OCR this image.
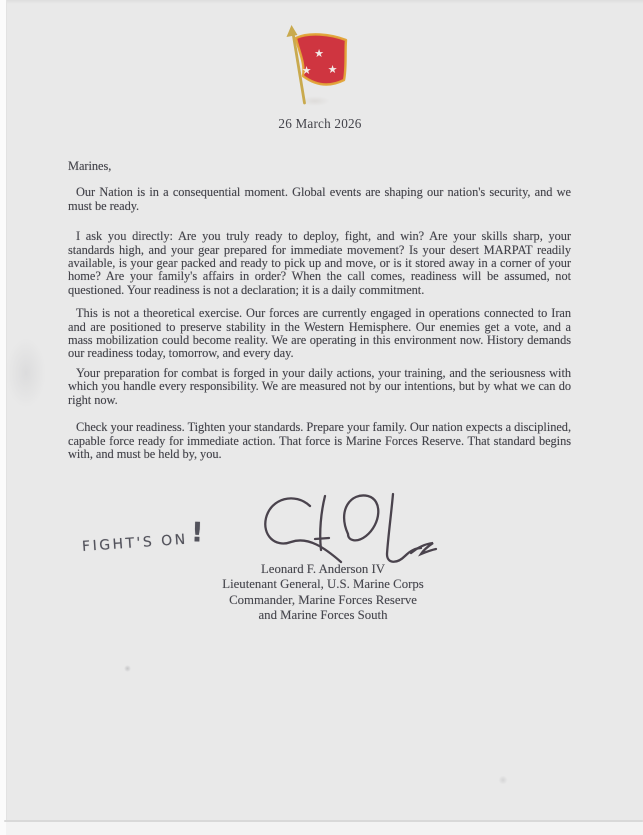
★
★ ★
26 March 2026

Marines,

Our Nation is in a consequential moment. Global events are shaping our nation's security, and we must be ready.

I ask you directly: Are you truly ready to deploy, fight, and win? Are your skills sharp, your standards high, and your gear prepared for immediate movement? Is your desert MARPAT readily available, is your gear packed and ready to pick up and move, or is it stored away in a corner of your home? Are your family's affairs in order? When the call comes, readiness will be assumed, not questioned. Your readiness is not a declaration; it is a daily commitment.

This is not a theoretical exercise. Our forces are currently engaged in operations connected to Iran and are positioned to preserve stability in the Western Hemisphere. Our enemies get a vote, and a mass mobilization could become reality. We are operating in this environment now. History demands our readiness today, tomorrow, and every day.

Your preparation for combat is forged in your daily actions, your training, and the seriousness with which you handle every responsibility. We are measured not by our intentions, but by what we can do right now.

Check your readiness. Tighten your standards. Prepare your family. Our nation expects a disciplined, capable force ready for immediate action. That force is Marine Forces Reserve. That standard begins with, and must be held by, you.

FIGHT'S ON!
Leonard F. Anderson IV
Lieutenant General, U.S. Marine Corps
Commander, Marine Forces Reserve
and Marine Forces South
